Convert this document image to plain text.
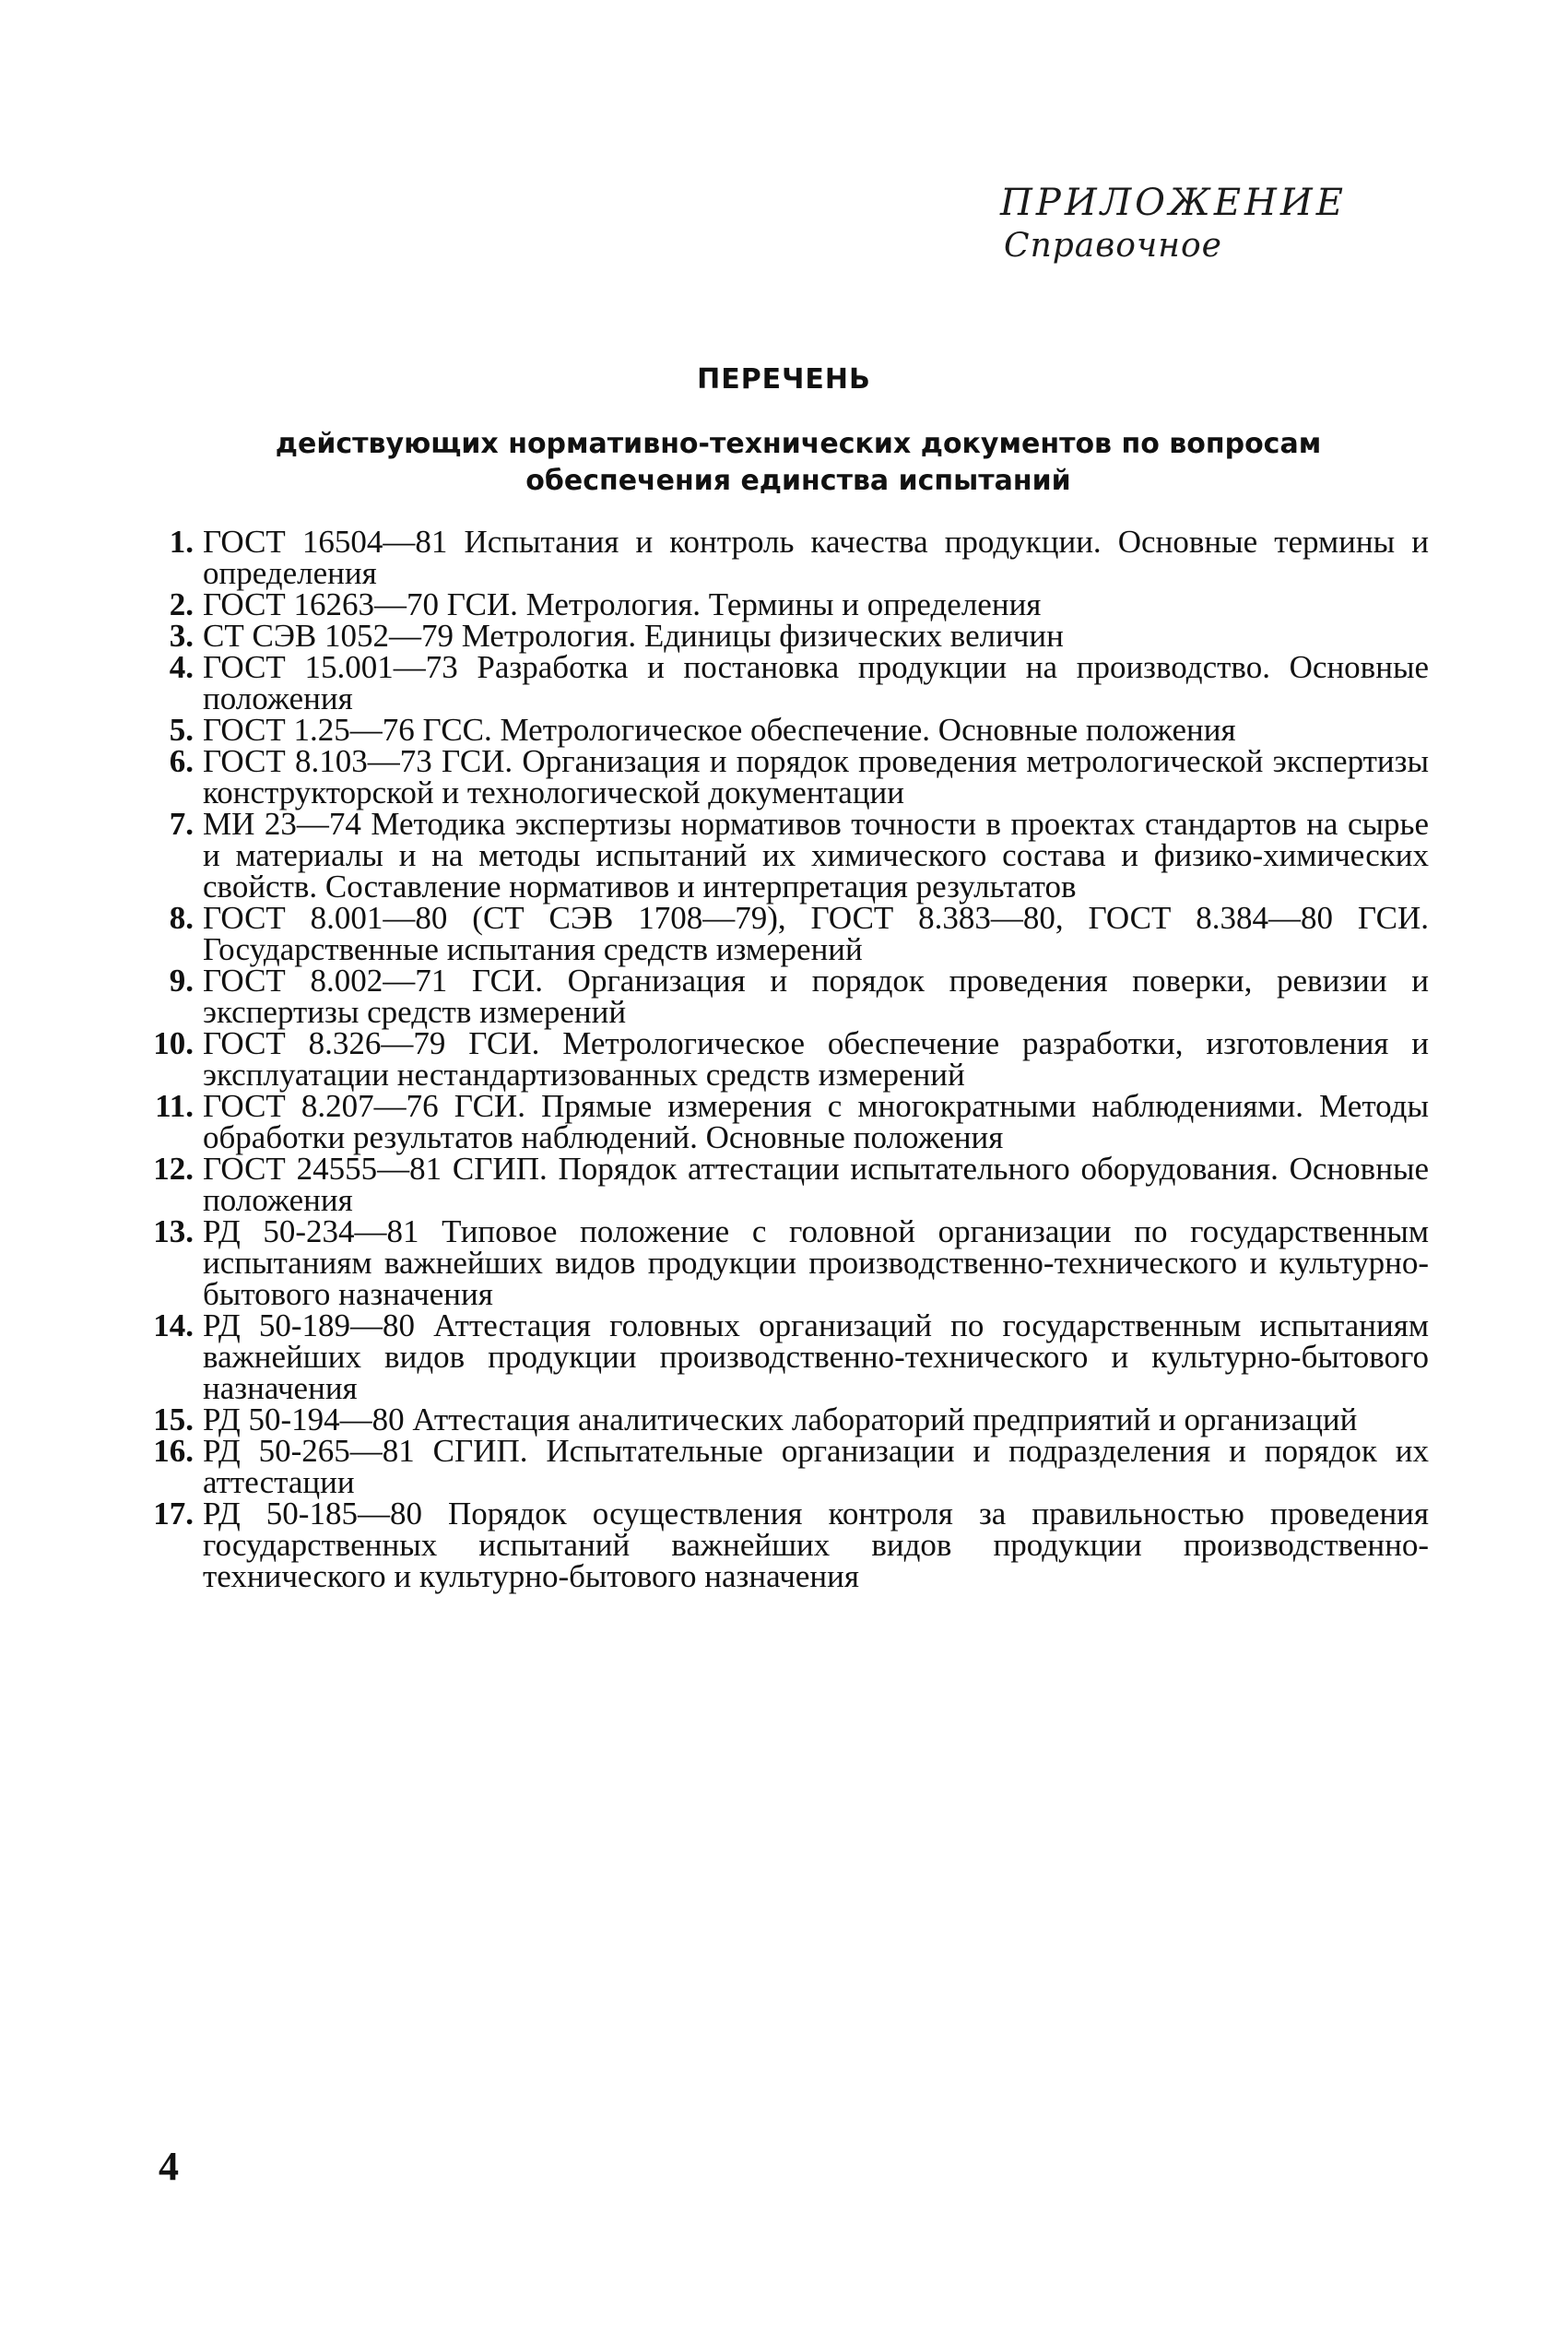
ПРИЛОЖЕНИЕ
Справочное
ПЕРЕЧЕНЬ
действующих нормативно-технических документов по вопросам обеспечения единства испытаний
1. ГОСТ 16504—81 Испытания и контроль качества продукции. Основные термины и определения
2. ГОСТ 16263—70 ГСИ. Метрология. Термины и определения
3. СТ СЭВ 1052—79 Метрология. Единицы физических величин
4. ГОСТ 15.001—73 Разработка и постановка продукции на производство. Основные положения
5. ГОСТ 1.25—76 ГСС. Метрологическое обеспечение. Основные положения
6. ГОСТ 8.103—73 ГСИ. Организация и порядок проведения метрологической экспертизы конструкторской и технологической документации
7. МИ 23—74 Методика экспертизы нормативов точности в проектах стандартов на сырье и материалы и на методы испытаний их химического состава и физико-химических свойств. Составление нормативов и интерпретация результатов
8. ГОСТ 8.001—80 (СТ СЭВ 1708—79), ГОСТ 8.383—80, ГОСТ 8.384—80 ГСИ. Государственные испытания средств измерений
9. ГОСТ 8.002—71 ГСИ. Организация и порядок проведения поверки, ревизии и экспертизы средств измерений
10. ГОСТ 8.326—79 ГСИ. Метрологическое обеспечение разработки, изготовления и эксплуатации нестандартизованных средств измерений
11. ГОСТ 8.207—76 ГСИ. Прямые измерения с многократными наблюдениями. Методы обработки результатов наблюдений. Основные положения
12. ГОСТ 24555—81 СГИП. Порядок аттестации испытательного оборудования. Основные положения
13. РД 50-234—81 Типовое положение с головной организации по государственным испытаниям важнейших видов продукции производственно-технического и культурно-бытового назначения
14. РД 50-189—80 Аттестация головных организаций по государственным испытаниям важнейших видов продукции производственно-технического и культурно-бытового назначения
15. РД 50-194—80 Аттестация аналитических лабораторий предприятий и организаций
16. РД 50-265—81 СГИП. Испытательные организации и подразделения и порядок их аттестации
17. РД 50-185—80 Порядок осуществления контроля за правильностью проведения государственных испытаний важнейших видов продукции производственно-технического и культурно-бытового назначения
4
